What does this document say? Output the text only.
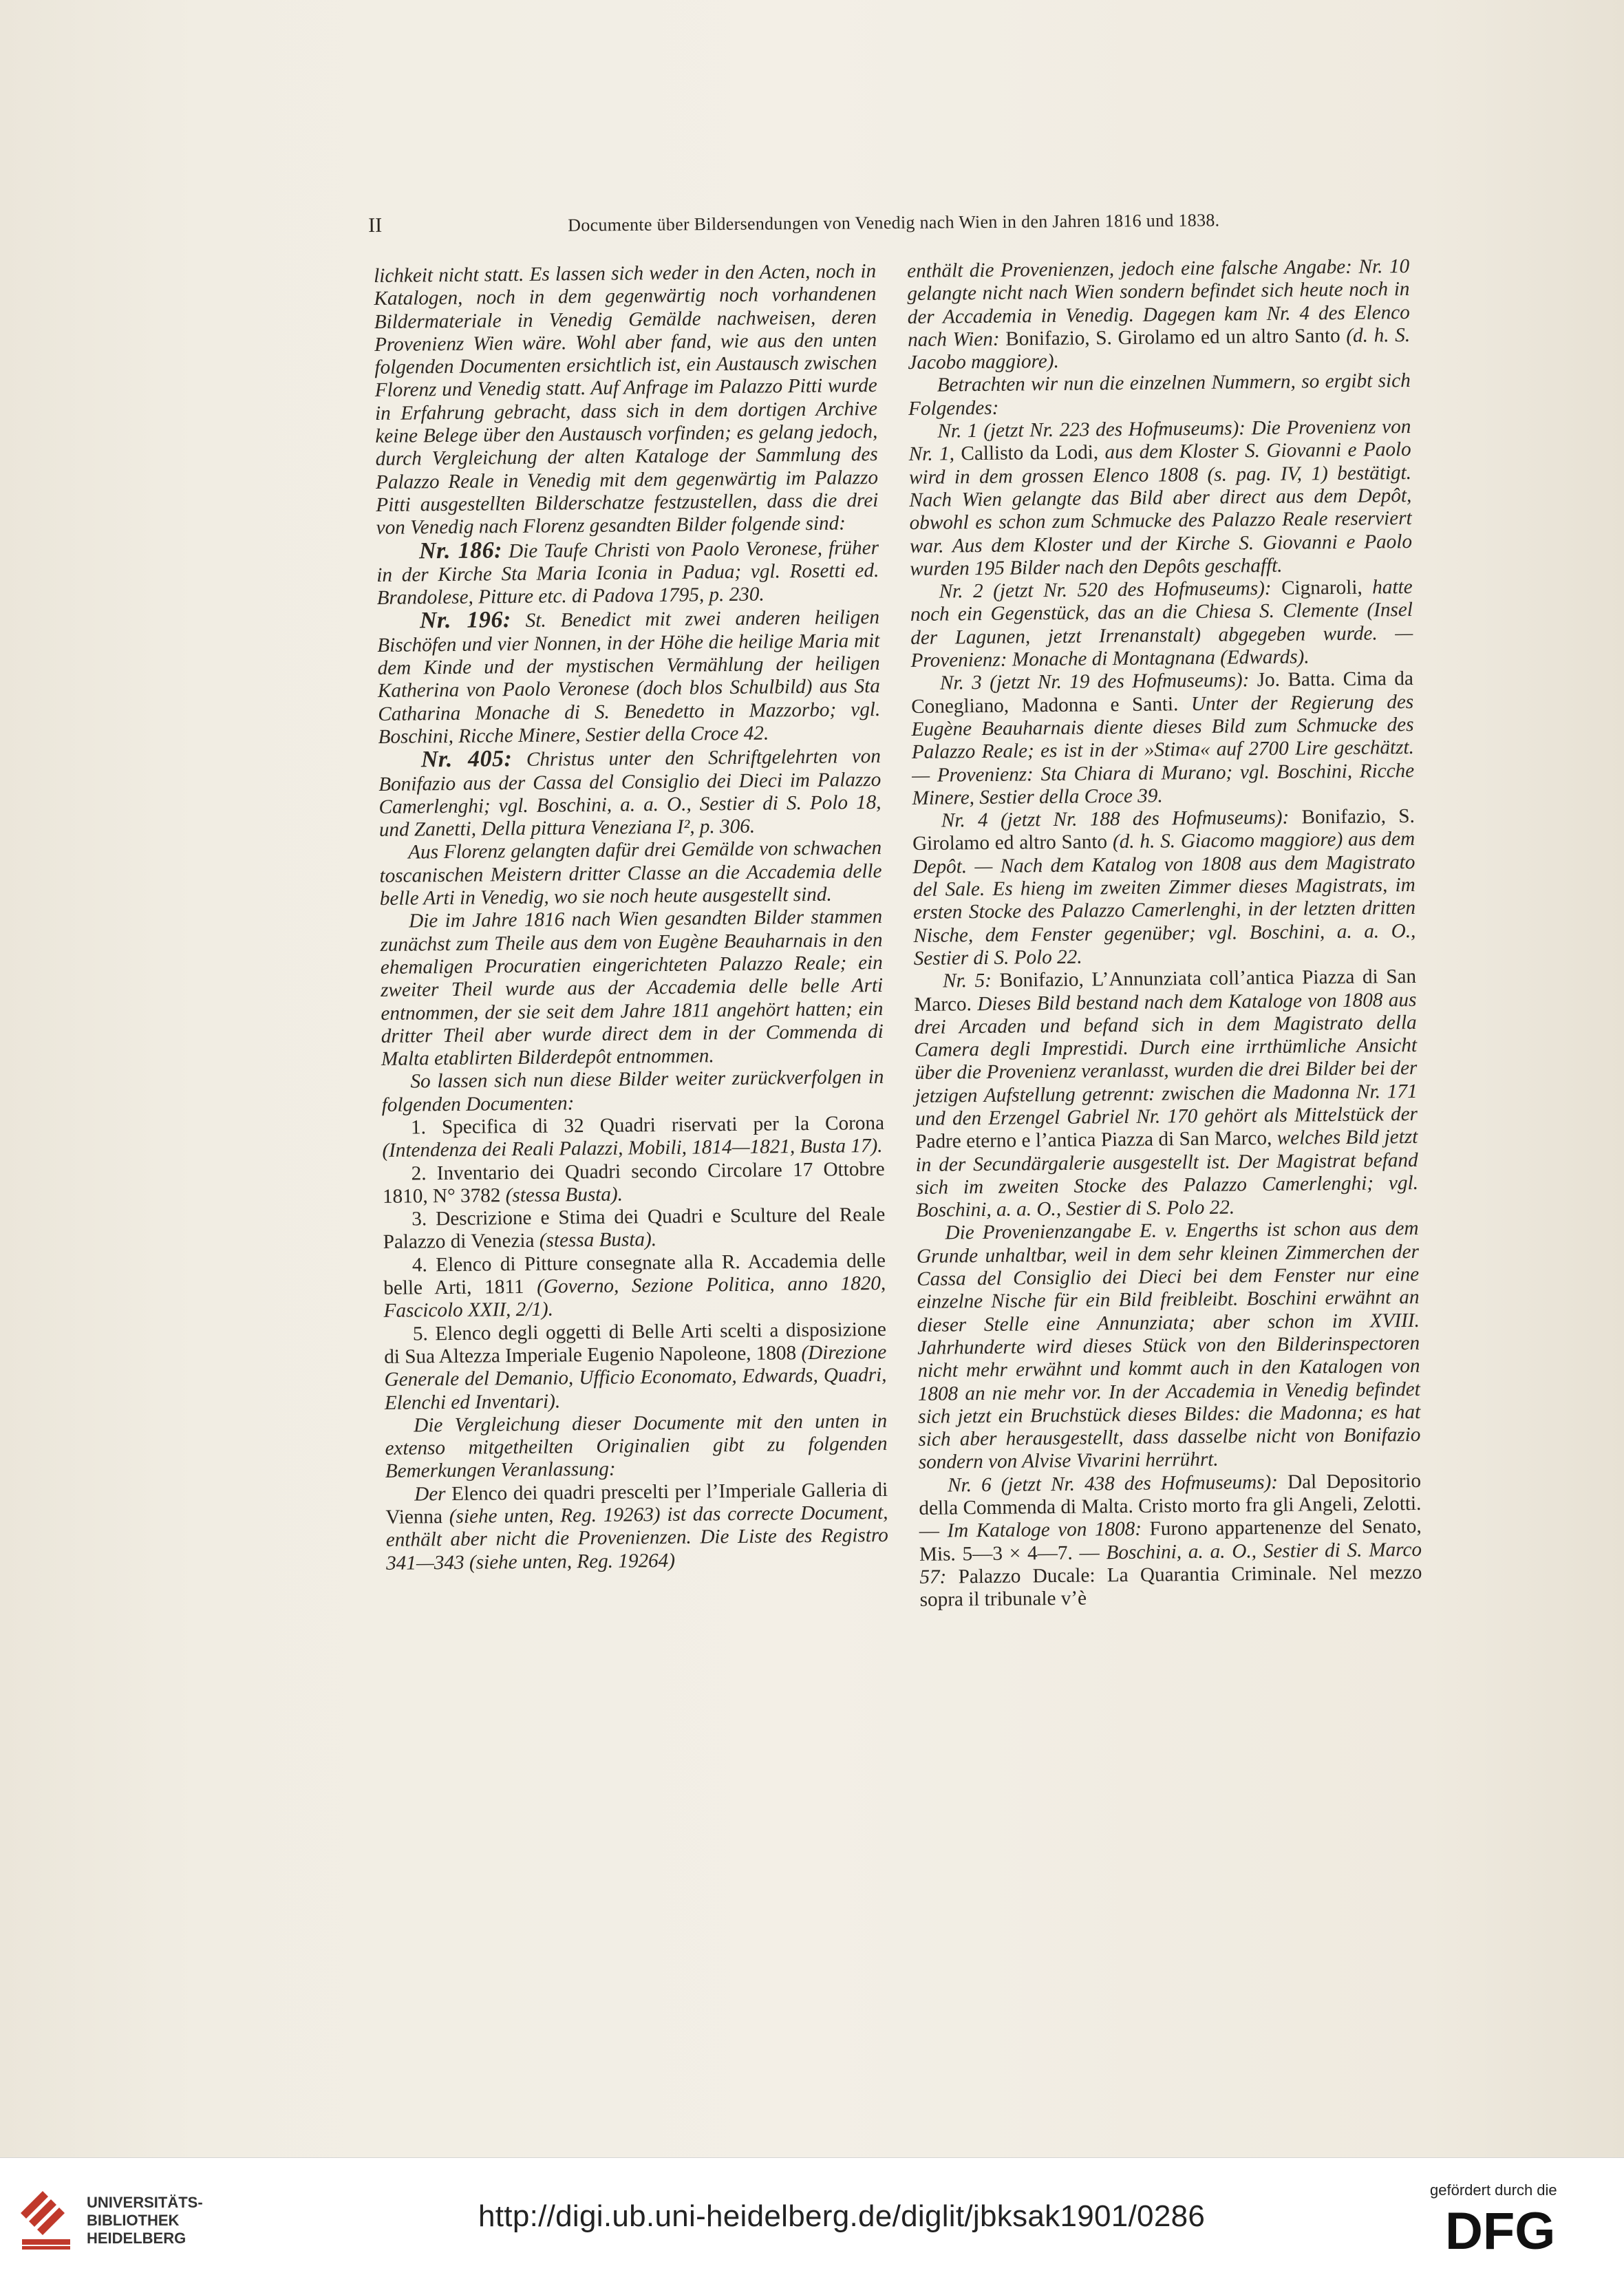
II	Documente über Bildersendungen von Venedig nach Wien in den Jahren 1816 und 1838.

lichkeit nicht statt. Es lassen sich weder in den Acten, noch in Katalogen, noch in dem gegenwärtig noch vorhandenen Bildermateriale in Venedig Gemälde nachweisen, deren Provenienz Wien wäre. Wohl aber fand, wie aus den unten folgenden Documenten ersichtlich ist, ein Austausch zwischen Florenz und Venedig statt. Auf Anfrage im Palazzo Pitti wurde in Erfahrung gebracht, dass sich in dem dortigen Archive keine Belege über den Austausch vorfinden; es gelang jedoch, durch Vergleichung der alten Kataloge der Sammlung des Palazzo Reale in Venedig mit dem gegenwärtig im Palazzo Pitti ausgestellten Bilderschatze festzustellen, dass die drei von Venedig nach Florenz gesandten Bilder folgende sind:

Nr. 186: Die Taufe Christi von Paolo Veronese, früher in der Kirche Sta Maria Iconia in Padua; vgl. Rosetti ed. Brandolese, Pitture etc. di Padova 1795, p. 230.

Nr. 196: St. Benedict mit zwei anderen heiligen Bischöfen und vier Nonnen, in der Höhe die heilige Maria mit dem Kinde und der mystischen Vermählung der heiligen Katherina von Paolo Veronese (doch blos Schulbild) aus Sta Catharina Monache di S. Benedetto in Mazzorbo; vgl. Boschini, Ricche Minere, Sestier della Croce 42.

Nr. 405: Christus unter den Schriftgelehrten von Bonifazio aus der Cassa del Consiglio dei Dieci im Palazzo Camerlenghi; vgl. Boschini, a. a. O., Sestier di S. Polo 18, und Zanetti, Della pittura Veneziana I², p. 306.

Aus Florenz gelangten dafür drei Gemälde von schwachen toscanischen Meistern dritter Classe an die Accademia delle belle Arti in Venedig, wo sie noch heute ausgestellt sind.

Die im Jahre 1816 nach Wien gesandten Bilder stammen zunächst zum Theile aus dem von Eugène Beauharnais in den ehemaligen Procuratien eingerichteten Palazzo Reale; ein zweiter Theil wurde aus der Accademia delle belle Arti entnommen, der sie seit dem Jahre 1811 angehört hatten; ein dritter Theil aber wurde direct dem in der Commenda di Malta etablirten Bilderdepôt entnommen.

So lassen sich nun diese Bilder weiter zurückverfolgen in folgenden Documenten:

1. Specifica di 32 Quadri riservati per la Corona (Intendenza dei Reali Palazzi, Mobili, 1814—1821, Busta 17).

2. Inventario dei Quadri secondo Circolare 17 Ottobre 1810, N° 3782 (stessa Busta).

3. Descrizione e Stima dei Quadri e Sculture del Reale Palazzo di Venezia (stessa Busta).

4. Elenco di Pitture consegnate alla R. Accademia delle belle Arti, 1811 (Governo, Sezione Politica, anno 1820, Fascicolo XXII, 2/1).

5. Elenco degli oggetti di Belle Arti scelti a disposizione di Sua Altezza Imperiale Eugenio Napoleone, 1808 (Direzione Generale del Demanio, Ufficio Economato, Edwards, Quadri, Elenchi ed Inventari).

Die Vergleichung dieser Documente mit den unten in extenso mitgetheilten Originalien gibt zu folgenden Bemerkungen Veranlassung:

Der Elenco dei quadri prescelti per l’Imperiale Galleria di Vienna (siehe unten, Reg. 19263) ist das correcte Document, enthält aber nicht die Provenienzen. Die Liste des Registro 341—343 (siehe unten, Reg. 19264)

enthält die Provenienzen, jedoch eine falsche Angabe: Nr. 10 gelangte nicht nach Wien sondern befindet sich heute noch in der Accademia in Venedig. Dagegen kam Nr. 4 des Elenco nach Wien: Bonifazio, S. Girolamo ed un altro Santo (d. h. S. Jacobo maggiore).

Betrachten wir nun die einzelnen Nummern, so ergibt sich Folgendes:

Nr. 1 (jetzt Nr. 223 des Hofmuseums): Die Provenienz von Nr. 1, Callisto da Lodi, aus dem Kloster S. Giovanni e Paolo wird in dem grossen Elenco 1808 (s. pag. IV, 1) bestätigt. Nach Wien gelangte das Bild aber direct aus dem Depôt, obwohl es schon zum Schmucke des Palazzo Reale reserviert war. Aus dem Kloster und der Kirche S. Giovanni e Paolo wurden 195 Bilder nach den Depôts geschafft.

Nr. 2 (jetzt Nr. 520 des Hofmuseums): Cignaroli, hatte noch ein Gegenstück, das an die Chiesa S. Clemente (Insel der Lagunen, jetzt Irrenanstalt) abgegeben wurde. — Provenienz: Monache di Montagnana (Edwards).

Nr. 3 (jetzt Nr. 19 des Hofmuseums): Jo. Batta. Cima da Conegliano, Madonna e Santi. Unter der Regierung des Eugène Beauharnais diente dieses Bild zum Schmucke des Palazzo Reale; es ist in der »Stima« auf 2700 Lire geschätzt. — Provenienz: Sta Chiara di Murano; vgl. Boschini, Ricche Minere, Sestier della Croce 39.

Nr. 4 (jetzt Nr. 188 des Hofmuseums): Bonifazio, S. Girolamo ed altro Santo (d. h. S. Giacomo maggiore) aus dem Depôt. — Nach dem Katalog von 1808 aus dem Magistrato del Sale. Es hieng im zweiten Zimmer dieses Magistrats, im ersten Stocke des Palazzo Camerlenghi, in der letzten dritten Nische, dem Fenster gegenüber; vgl. Boschini, a. a. O., Sestier di S. Polo 22.

Nr. 5: Bonifazio, L’Annunziata coll’antica Piazza di San Marco. Dieses Bild bestand nach dem Kataloge von 1808 aus drei Arcaden und befand sich in dem Magistrato della Camera degli Imprestidi. Durch eine irrthümliche Ansicht über die Provenienz veranlasst, wurden die drei Bilder bei der jetzigen Aufstellung getrennt: zwischen die Madonna Nr. 171 und den Erzengel Gabriel Nr. 170 gehört als Mittelstück der Padre eterno e l’antica Piazza di San Marco, welches Bild jetzt in der Secundärgalerie ausgestellt ist. Der Magistrat befand sich im zweiten Stocke des Palazzo Camerlenghi; vgl. Boschini, a. a. O., Sestier di S. Polo 22.

Die Provenienzangabe E. v. Engerths ist schon aus dem Grunde unhaltbar, weil in dem sehr kleinen Zimmerchen der Cassa del Consiglio dei Dieci bei dem Fenster nur eine einzelne Nische für ein Bild freibleibt. Boschini erwähnt an dieser Stelle eine Annunziata; aber schon im XVIII. Jahrhunderte wird dieses Stück von den Bilderinspectoren nicht mehr erwähnt und kommt auch in den Katalogen von 1808 an nie mehr vor. In der Accademia in Venedig befindet sich jetzt ein Bruchstück dieses Bildes: die Madonna; es hat sich aber herausgestellt, dass dasselbe nicht von Bonifazio sondern von Alvise Vivarini herrührt.

Nr. 6 (jetzt Nr. 438 des Hofmuseums): Dal Depositorio della Commenda di Malta. Cristo morto fra gli Angeli, Zelotti. — Im Kataloge von 1808: Furono appartenenze del Senato, Mis. 5—3 × 4—7. — Boschini, a. a. O., Sestier di S. Marco 57: Palazzo Ducale: La Quarantia Criminale. Nel mezzo sopra il tribunale v’è

UNIVERSITÄTS-
BIBLIOTHEK
HEIDELBERG
http://digi.ub.uni-heidelberg.de/diglit/jbksak1901/0286
gefördert durch die
DFG
